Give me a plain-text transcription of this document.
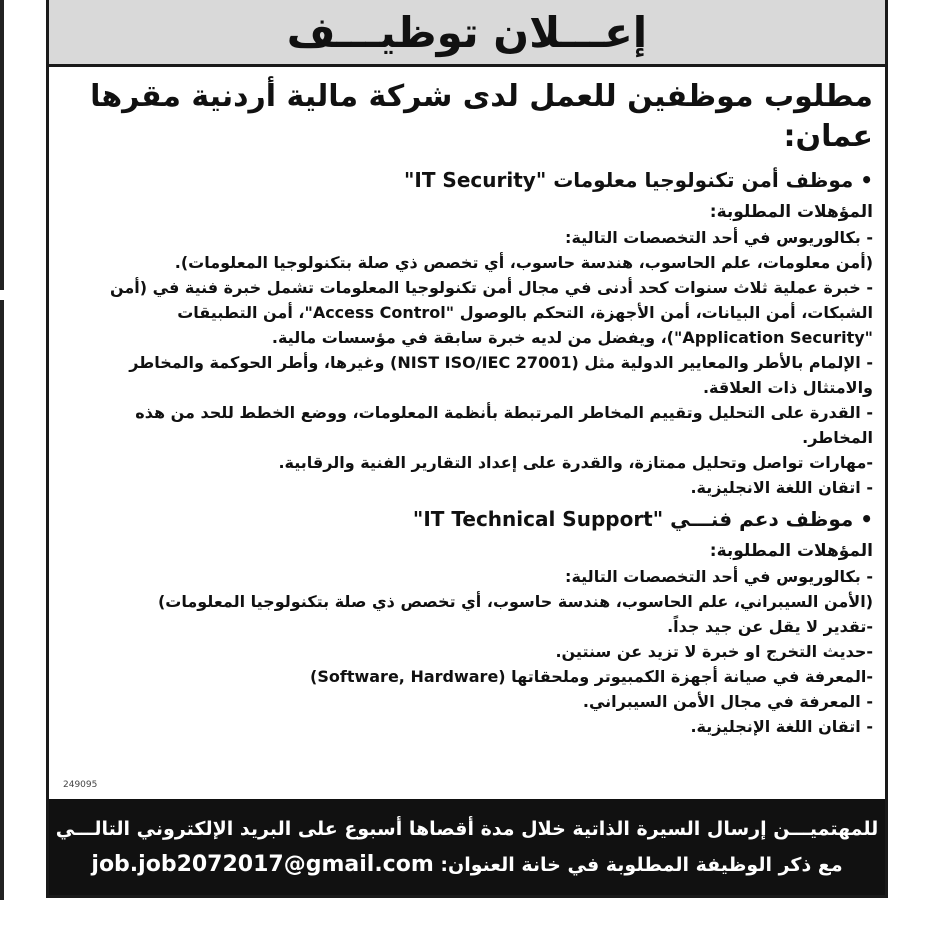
إعـــلان توظيـــف
مطلوب موظفين للعمل لدى شركة مالية أردنية مقرها عمان:
• موظف أمن تكنولوجيا معلومات "IT Security"
المؤهلات المطلوبة:
- بكالوريوس في أحد التخصصات التالية:
(أمن معلومات، علم الحاسوب، هندسة حاسوب، أي تخصص ذي صلة بتكنولوجيا المعلومات).
- خبرة عملية ثلاث سنوات كحد أدنى في مجال أمن تكنولوجيا المعلومات تشمل خبرة فنية في (أمن
الشبكات، أمن البيانات، أمن الأجهزة، التحكم بالوصول "Access Control"، أمن التطبيقات
"Application Security")، ويفضل من لديه خبرة سابقة في مؤسسات مالية.
- الإلمام بالأطر والمعايير الدولية مثل (NIST ISO/IEC 27001) وغيرها، وأطر الحوكمة والمخاطر
والامتثال ذات العلاقة.
- القدرة على التحليل وتقييم المخاطر المرتبطة بأنظمة المعلومات، ووضع الخطط للحد من هذه المخاطر.
-مهارات تواصل وتحليل ممتازة، والقدرة على إعداد التقارير الفنية والرقابية.
- اتقان اللغة الانجليزية.
• موظف دعم فنـــي "IT Technical Support"
المؤهلات المطلوبة:
- بكالوريوس في أحد التخصصات التالية:
(الأمن السيبراني، علم الحاسوب، هندسة حاسوب، أي تخصص ذي صلة بتكنولوجيا المعلومات)
-تقدير لا يقل عن جيد جداً.
-حديث التخرج او خبرة لا تزيد عن سنتين.
-المعرفة في صيانة أجهزة الكمبيوتر وملحقاتها (Software, Hardware)
- المعرفة في مجال الأمن السيبراني.
- اتقان اللغة الإنجليزية.
249095
للمهتميـــن إرسال السيرة الذاتية خلال مدة أقصاها أسبوع على البريد الإلكتروني التالـــي
مع ذكر الوظيفة المطلوبة في خانة العنوان: job.job2072017@gmail.com
